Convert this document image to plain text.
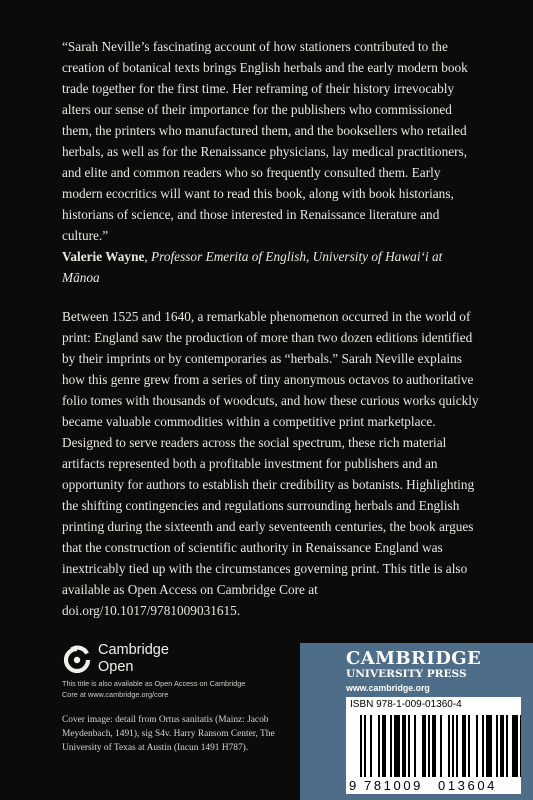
“Sarah Neville’s fascinating account of how stationers contributed to the creation of botanical texts brings English herbals and the early modern book trade together for the first time. Her reframing of their history irrevocably alters our sense of their importance for the publishers who commissioned them, the printers who manufactured them, and the booksellers who retailed herbals, as well as for the Renaissance physicians, lay medical practitioners, and elite and common readers who so frequently consulted them. Early modern ecocritics will want to read this book, along with book historians, historians of science, and those interested in Renaissance literature and culture.”

Valerie Wayne, Professor Emerita of English, University of Hawai‘i at Mānoa

Between 1525 and 1640, a remarkable phenomenon occurred in the world of print: England saw the production of more than two dozen editions identified by their imprints or by contemporaries as “herbals.” Sarah Neville explains how this genre grew from a series of tiny anonymous octavos to authoritative folio tomes with thousands of woodcuts, and how these curious works quickly became valuable commodities within a competitive print marketplace. Designed to serve readers across the social spectrum, these rich material artifacts represented both a profitable investment for publishers and an opportunity for authors to establish their credibility as botanists. Highlighting the shifting contingencies and regulations surrounding herbals and English printing during the sixteenth and early seventeenth centuries, the book argues that the construction of scientific authority in Renaissance England was inextricably tied up with the circumstances governing print. This title is also available as Open Access on Cambridge Core at doi.org/10.1017/9781009031615.

Cambridge
Open
This title is also available as Open Access on Cambridge Core at www.cambridge.org/core
Cover image: detail from Ortus sanitatis (Mainz: Jacob Meydenbach, 1491), sig S4v. Harry Ransom Center, The University of Texas at Austin (Incun 1491 H787).
CAMBRIDGE
UNIVERSITY PRESS
www.cambridge.org
ISBN 978-1-009-01360-4
9 781009 013604
